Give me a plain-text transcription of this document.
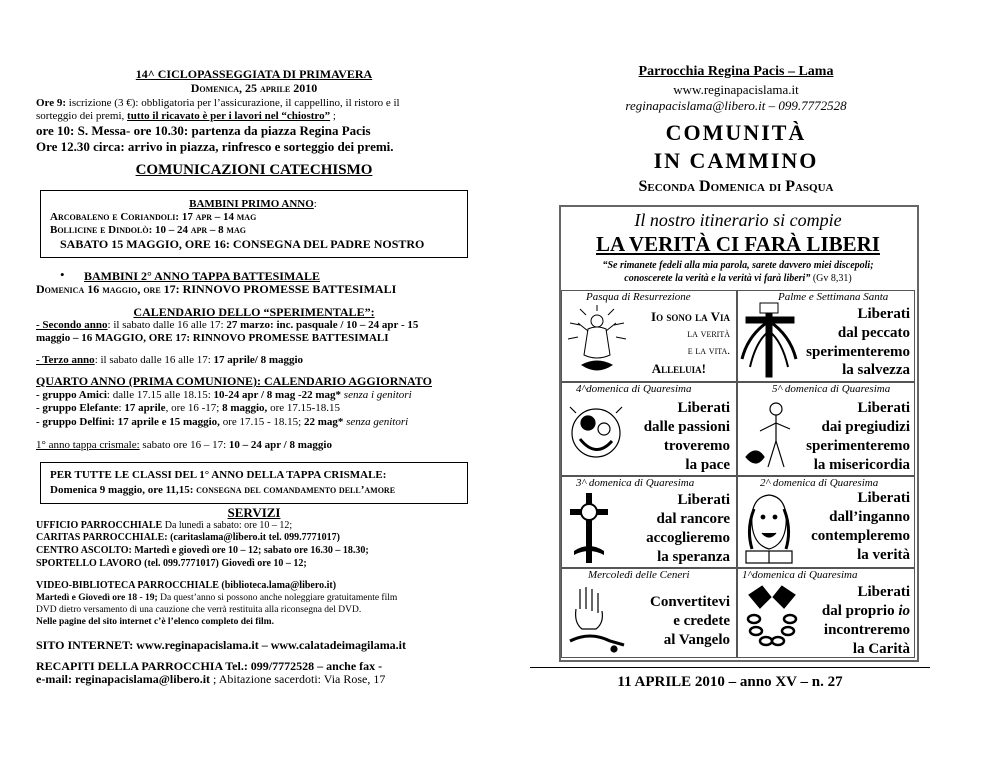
14^ CICLOPASSEGGIATA DI PRIMAVERA
Domenica, 25 aprile 2010
Ore 9: iscrizione (3 €): obbligatoria per l’assicurazione, il cappellino, il ristoro e il
sorteggio dei premi, tutto il ricavato è per i lavori nel “chiostro” ;
ore 10: S. Messa- ore 10.30: partenza da piazza Regina Pacis
Ore 12.30 circa: arrivo in piazza, rinfresco e sorteggio dei premi.
COMUNICAZIONI CATECHISMO
BAMBINI PRIMO ANNO:
Arcobaleno e Coriandoli: 17 apr – 14 mag
Bollicine e Dindolò: 10 – 24 apr – 8 mag
SABATO 15 MAGGIO, ORE 16: CONSEGNA DEL PADRE NOSTRO
• BAMBINI 2° ANNO TAPPA BATTESIMALE
Domenica 16 maggio, ore 17: RINNOVO PROMESSE BATTESIMALI
CALENDARIO DELLO “SPERIMENTALE”:
- Secondo anno: il sabato dalle 16 alle 17: 27 marzo: inc. pasquale / 10 – 24 apr - 15
maggio – 16 MAGGIO, ORE 17: RINNOVO PROMESSE BATTESIMALI
- Terzo anno: il sabato dalle 16 alle 17: 17 aprile/ 8 maggio
QUARTO ANNO (PRIMA COMUNIONE): CALENDARIO AGGIORNATO
- gruppo Amici: dalle 17.15 alle 18.15: 10-24 apr / 8 mag -22 mag* senza i genitori
- gruppo Elefante: 17 aprile, ore 16 -17; 8 maggio, ore 17.15-18.15
- gruppo Delfini: 17 aprile e 15 maggio, ore 17.15 - 18.15; 22 mag* senza genitori
1° anno tappa crismale: sabato ore 16 – 17: 10 – 24 apr / 8 maggio
PER TUTTE LE CLASSI DEL 1° ANNO DELLA TAPPA CRISMALE:
Domenica 9 maggio, ore 11,15: consegna del comandamento dell’amore
SERVIZI
UFFICIO PARROCCHIALE Da lunedì a sabato: ore 10 – 12;
CARITAS PARROCCHIALE: (caritaslama@libero.it tel. 099.7771017)
CENTRO ASCOLTO: Martedì e giovedì ore 10 – 12; sabato ore 16.30 – 18.30;
SPORTELLO LAVORO (tel. 099.7771017) Giovedì ore 10 – 12;
VIDEO-BIBLIOTECA PARROCCHIALE (biblioteca.lama@libero.it)
Martedì e Giovedì ore 18 - 19; Da quest’anno si possono anche noleggiare gratuitamente film
DVD dietro versamento di una cauzione che verrà restituita alla riconsegna del DVD.
Nelle pagine del sito internet c’è l’elenco completo dei film.
SITO INTERNET: www.reginapacislama.it – www.calatadeimagilama.it
RECAPITI DELLA PARROCCHIA Tel.: 099/7772528 – anche fax -
e-mail: reginapacislama@libero.it ; Abitazione sacerdoti: Via Rose, 17
Parrocchia Regina Pacis – Lama
www.reginapacislama.it
reginapacislama@libero.it – 099.7772528
COMUNITÀ
IN CAMMINO
Seconda Domenica di Pasqua
Il nostro itinerario si compie
LA VERITÀ CI FARÀ LIBERI
“Se rimanete fedeli alla mia parola, sarete davvero miei discepoli;
conoscerete la verità e la verità vi farà liberi” (Gv 8,31)
Pasqua di Resurrezione
Io sono la Via
la verità
e la vita.
Alleluia!
Palme e Settimana Santa
Liberati
dal peccato
sperimenteremo
la salvezza
4^domenica di Quaresima
Liberati
dalle passioni
troveremo
la pace
5^ domenica di Quaresima
Liberati
dai pregiudizi
sperimenteremo
la misericordia
3^ domenica di Quaresima
Liberati
dal rancore
accoglieremo
la speranza
2^ domenica di Quaresima
Liberati
dall’inganno
contempleremo
la verità
Mercoledì delle Ceneri
Convertitevi
e credete
al Vangelo
1^domenica di Quaresima
Liberati
dal proprio io
incontreremo
la Carità
11 APRILE 2010 – anno XV – n. 27
